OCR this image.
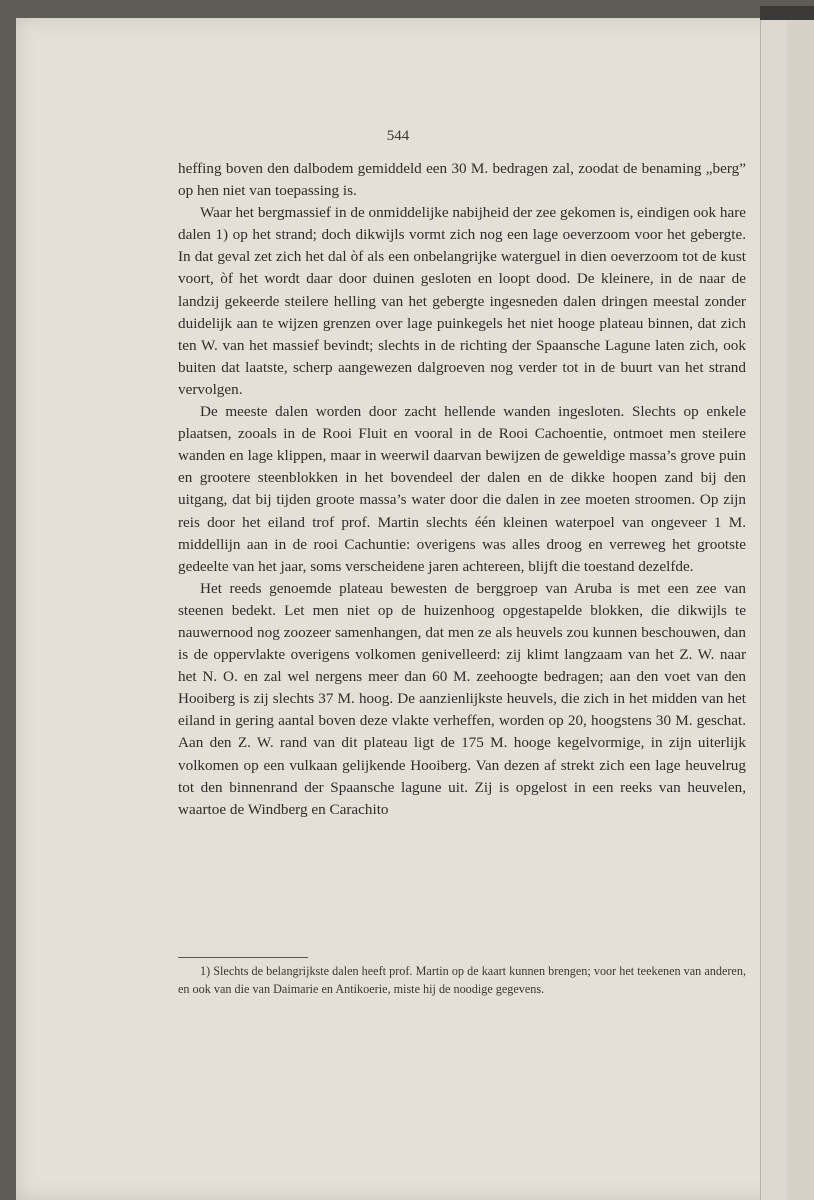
544

heffing boven den dalbodem gemiddeld een 30 M. bedragen zal, zoodat de benaming „berg” op hen niet van toepassing is.

Waar het bergmassief in de onmiddelijke nabijheid der zee gekomen is, eindigen ook hare dalen 1) op het strand; doch dikwijls vormt zich nog een lage oeverzoom voor het gebergte. In dat geval zet zich het dal òf als een onbelangrijke waterguel in dien oeverzoom tot de kust voort, òf het wordt daar door duinen gesloten en loopt dood. De kleinere, in de naar de landzij gekeerde steilere helling van het gebergte ingesneden dalen dringen meestal zonder duidelijk aan te wijzen grenzen over lage puinkegels het niet hooge plateau binnen, dat zich ten W. van het massief bevindt; slechts in de richting der Spaansche Lagune laten zich, ook buiten dat laatste, scherp aangewezen dalgroeven nog verder tot in de buurt van het strand vervolgen.

De meeste dalen worden door zacht hellende wanden ingesloten. Slechts op enkele plaatsen, zooals in de Rooi Fluit en vooral in de Rooi Cachoentie, ontmoet men steilere wanden en lage klippen, maar in weerwil daarvan bewijzen de geweldige massa’s grove puin en grootere steenblokken in het bovendeel der dalen en de dikke hoopen zand bij den uitgang, dat bij tijden groote massa’s water door die dalen in zee moeten stroomen. Op zijn reis door het eiland trof prof. Martin slechts één kleinen waterpoel van ongeveer 1 M. middellijn aan in de rooi Cachuntie: overigens was alles droog en verreweg het grootste gedeelte van het jaar, soms verscheidene jaren achtereen, blijft die toestand dezelfde.

Het reeds genoemde plateau bewesten de berggroep van Aruba is met een zee van steenen bedekt. Let men niet op de huizenhoog opgestapelde blokken, die dikwijls te nauwernood nog zoozeer samenhangen, dat men ze als heuvels zou kunnen beschouwen, dan is de oppervlakte overigens volkomen genivelleerd: zij klimt langzaam van het Z. W. naar het N. O. en zal wel nergens meer dan 60 M. zeehoogte bedragen; aan den voet van den Hooiberg is zij slechts 37 M. hoog. De aanzienlijkste heuvels, die zich in het midden van het eiland in gering aantal boven deze vlakte verheffen, worden op 20, hoogstens 30 M. geschat. Aan den Z. W. rand van dit plateau ligt de 175 M. hooge kegelvormige, in zijn uiterlijk volkomen op een vulkaan gelijkende Hooiberg. Van dezen af strekt zich een lage heuvelrug tot den binnenrand der Spaansche lagune uit. Zij is opgelost in een reeks van heuvelen, waartoe de Windberg en Carachito

1) Slechts de belangrijkste dalen heeft prof. Martin op de kaart kunnen brengen; voor het teekenen van anderen, en ook van die van Daimarie en Antikoerie, miste hij de noodige gegevens.
